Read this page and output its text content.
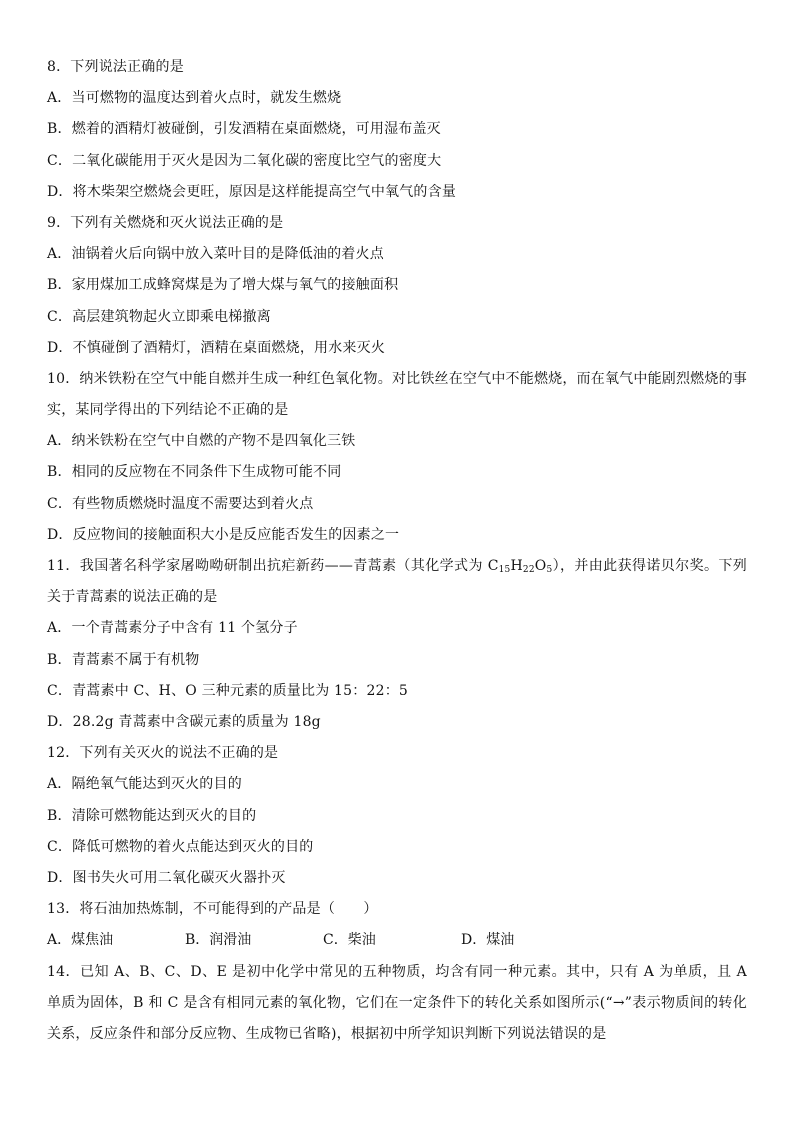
8．下列说法正确的是
A．当可燃物的温度达到着火点时，就发生燃烧
B．燃着的酒精灯被碰倒，引发酒精在桌面燃烧，可用湿布盖灭
C．二氧化碳能用于灭火是因为二氧化碳的密度比空气的密度大
D．将木柴架空燃烧会更旺，原因是这样能提高空气中氧气的含量
9．下列有关燃烧和灭火说法正确的是
A．油锅着火后向锅中放入菜叶目的是降低油的着火点
B．家用煤加工成蜂窝煤是为了增大煤与氧气的接触面积
C．高层建筑物起火立即乘电梯撤离
D．不慎碰倒了酒精灯，酒精在桌面燃烧，用水来灭火
10．纳米铁粉在空气中能自燃并生成一种红色氧化物。对比铁丝在空气中不能燃烧，而在氧气中能剧烈燃烧的事实，某同学得出的下列结论不正确的是
A．纳米铁粉在空气中自燃的产物不是四氧化三铁
B．相同的反应物在不同条件下生成物可能不同
C．有些物质燃烧时温度不需要达到着火点
D．反应物间的接触面积大小是反应能否发生的因素之一
11．我国著名科学家屠呦呦研制出抗疟新药——青蒿素（其化学式为 $C_{15}H_{22}O_5$），并由此获得诺贝尔奖。下列关于青蒿素的说法正确的是
A．一个青蒿素分子中含有 11 个氢分子
B．青蒿素不属于有机物
C．青蒿素中 C、H、O 三种元素的质量比为 15：22：5
D．28.2g 青蒿素中含碳元素的质量为 18g
12．下列有关灭火的说法不正确的是
A．隔绝氧气能达到灭火的目的
B．清除可燃物能达到灭火的目的
C．降低可燃物的着火点能达到灭火的目的
D．图书失火可用二氧化碳灭火器扑灭
13．将石油加热炼制，不可能得到的产品是（　　）
A．煤焦油	B．润滑油	C．柴油	D．煤油
14．已知 A、B、C、D、E 是初中化学中常见的五种物质，均含有同一种元素。其中，只有 A 为单质，且 A 单质为固体，B 和 C 是含有相同元素的氧化物，它们在一定条件下的转化关系如图所示(“→”表示物质间的转化关系，反应条件和部分反应物、生成物已省略)，根据初中所学知识判断下列说法错误的是
